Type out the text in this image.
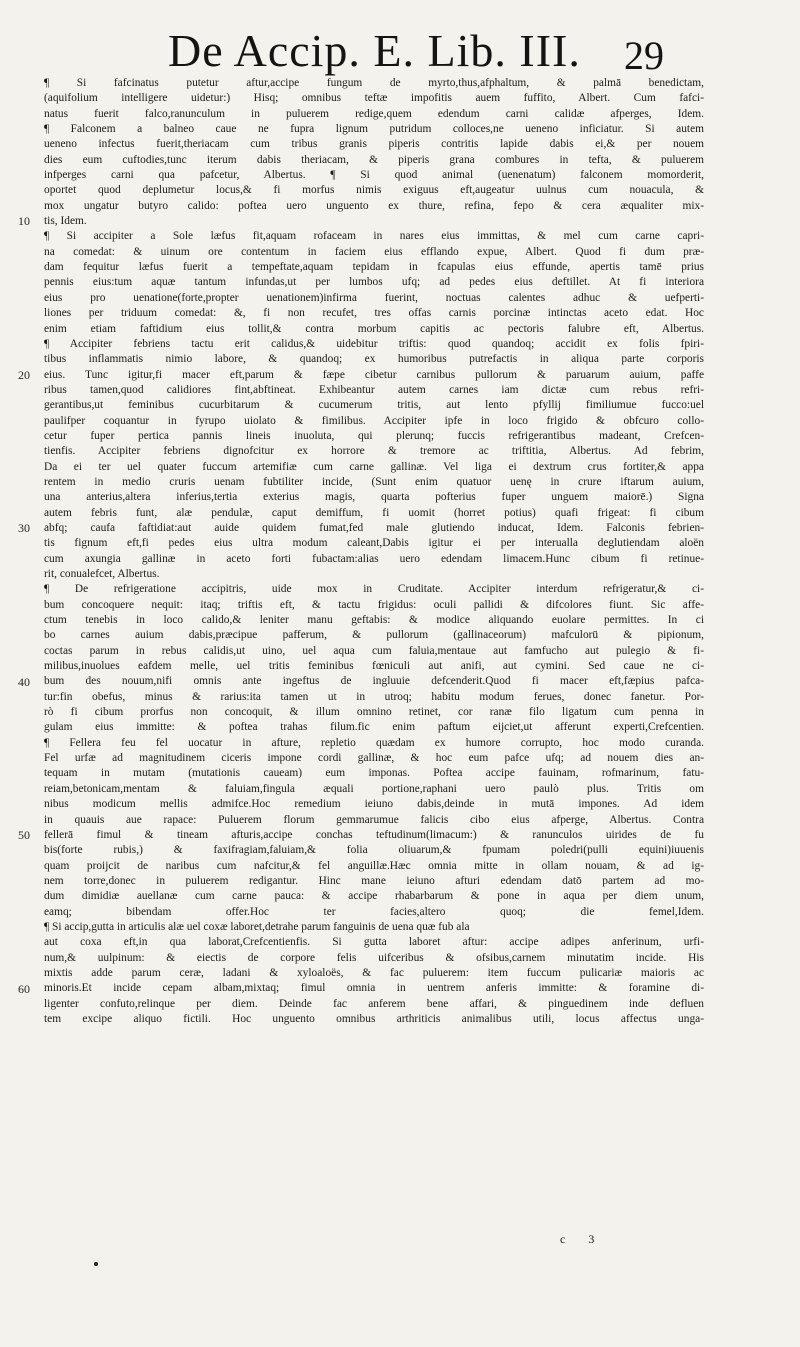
De Accip. E. Lib. III. 29
¶ Si fafcinatus putetur aftur,accipe fungum de myrto,thus,afphaltum, & palmā benedictam,
(aquifolium intelligere uidetur:) Hisq; omnibus teftæ impofitis auem fuffito, Albert. Cum fafci-
natus fuerit falco,ranunculum in puluerem redige,quem edendum carni calidæ afperges, Idem.
¶ Falconem a balneo caue ne fupra lignum putridum colloces,ne ueneno inficiatur. Si autem
ueneno infectus fuerit,theriacam cum tribus granis piperis contritis lapide dabis ei,& per nouem
dies eum cuftodies,tunc iterum dabis theriacam, & piperis grana combures in tefta, & puluerem
infperges carni qua pafcetur, Albertus. ¶ Si quod animal (uenenatum) falconem momorderit,
oportet quod deplumetur locus,& fi morfus nimis exiguus eft,augeatur uulnus cum nouacula, &
mox ungatur butyro calido: poftea uero unguento ex thure, refina, fepo & cera æqualiter mix-
tis, Idem.
¶ Si accipiter a Sole læfus fit,aquam rofaceam in nares eius immittas, & mel cum carne capri-
na comedat: & uinum ore contentum in faciem eius efflando expue, Albert. Quod fi dum præ-
dam fequitur læfus fuerit a tempeftate,aquam tepidam in fcapulas eius effunde, apertis tamē prius
pennis eius:tum aquæ tantum infundas,ut per lumbos ufq; ad pedes eius deftillet. At fi interiora
eius pro uenatione(forte,propter uenationem)infirma fuerint, noctuas calentes adhuc & uefperti-
liones per triduum comedat: &, fi non recufet, tres offas carnis porcinæ intinctas aceto edat. Hoc
enim etiam faftidium eius tollit,& contra morbum capitis ac pectoris falubre eft, Albertus.
¶ Accipiter febriens tactu erit calidus,& uidebitur triftis: quod quandoq; accidit ex folis fpiri-
tibus inflammatis nimio labore, & quandoq; ex humoribus putrefactis in aliqua parte corporis
eius. Tunc igitur,fi macer eft,parum & fæpe cibetur carnibus pullorum & paruarum auium, paffe
ribus tamen,quod calidiores fint,abftineat. Exhibeantur autem carnes iam dictæ cum rebus refri-
gerantibus,ut feminibus cucurbitarum & cucumerum tritis, aut lento pfyllij fimiliumue fucco:uel
paulifper coquantur in fyrupo uiolato & fimilibus. Accipiter ipfe in loco frigido & obfcuro collo-
cetur fuper pertica pannis lineis inuoluta, qui plerunq; fuccis refrigerantibus madeant, Crefcen-
tienfis. Accipiter febriens dignofcitur ex horrore & tremore ac triftitia, Albertus. Ad febrim,
Da ei ter uel quater fuccum artemifiæ cum carne gallinæ. Vel liga ei dextrum crus fortiter,& appa
rentem in medio cruris uenam fubtiliter incide, (Sunt enim quatuor uenę in crure iftarum auium,
una anterius,altera inferius,tertia exterius magis, quarta pofterius fuper unguem maiorē.) Signa
autem febris funt, alæ pendulæ, caput demiffum, fi uomit (horret potius) quafi frigeat: fi cibum
abfq; caufa faftidiat:aut auide quidem fumat,fed male glutiendo inducat, Idem. Falconis febrien-
tis fignum eft,fi pedes eius ultra modum caleant,Dabis igitur ei per interualla deglutiendam aloën
cum axungia gallinæ in aceto forti fubactam:alias uero edendam limacem.Hunc cibum fi retinue-
rit, conualefcet, Albertus.
¶ De refrigeratione accipitris, uide mox in Cruditate. Accipiter interdum refrigeratur,& ci-
bum concoquere nequit: itaq; triftis eft, & tactu frigidus: oculi pallidi & difcolores fiunt. Sic affe-
ctum tenebis in loco calido,& leniter manu geftabis: & modice aliquando euolare permittes. In ci
bo carnes auium dabis,præcipue pafferum, & pullorum (gallinaceorum) mafculorū & pipionum,
coctas parum in rebus calidis,ut uino, uel aqua cum faluia,mentaue aut famfucho aut pulegio & fi-
milibus,inuolues eafdem melle, uel tritis feminibus fœniculi aut anifi, aut cymini. Sed caue ne ci-
bum des nouum,nifi omnis ante ingeftus de ingluuie defcenderit.Quod fi macer eft,fæpius pafca-
tur:fin obefus, minus & rarius:ita tamen ut in utroq; habitu modum ferues, donec fanetur. Por-
rò fi cibum prorfus non concoquit, & illum omnino retinet, cor ranæ filo ligatum cum penna in
gulam eius immitte: & poftea trahas filum.fic enim paftum eijciet,ut afferunt experti,Crefcentien.
¶ Fellera feu fel uocatur in afture, repletio quædam ex humore corrupto, hoc modo curanda.
Fel urfæ ad magnitudinem ciceris impone cordi gallinæ, & hoc eum pafce ufq; ad nouem dies an-
tequam in mutam (mutationis caueam) eum imponas. Poftea accipe fauinam, rofmarinum, fatu-
reiam,betonicam,mentam & faluiam,fingula æquali portione,raphani uero paulò plus. Tritis om
nibus modicum mellis admifce.Hoc remedium ieiuno dabis,deinde in mutā impones. Ad idem
in quauis aue rapace: Puluerem florum gemmarumue falicis cibo eius afperge, Albertus. Contra
fellerā fimul & tineam afturis,accipe conchas teftudinum(limacum:) & ranunculos uirides de fu
bis(forte rubis,) & faxifragiam,faluiam,& folia oliuarum,& fpumam poledri(pulli equini)iuuenis
quam proijcit de naribus cum nafcitur,& fel anguillæ.Hæc omnia mitte in ollam nouam, & ad ig-
nem torre,donec in puluerem redigantur. Hinc mane ieiuno afturi edendam datō partem ad mo-
dum dimidiæ auellanæ cum carne pauca: & accipe rhabarbarum & pone in aqua per diem unum,
eamq; bibendam offer.Hoc ter facies,altero quoq; die femel,Idem.
¶ Si accip,gutta in articulis alæ uel coxæ laboret,detrahe parum fanguinis de uena quæ fub ala
aut coxa eft,in qua laborat,Crefcentienfis. Si gutta laboret aftur: accipe adipes anferinum, urfi-
num,& uulpinum: & eiectis de corpore felis uifceribus & ofsibus,carnem minutatim incide. His
mixtis adde parum ceræ, ladani & xyloaloës, & fac puluerem: item fuccum pulicariæ maioris ac
minoris.Et incide cepam albam,mixtaq; fimul omnia in uentrem anferis immitte: & foramine di-
ligenter confuto,relinque per diem. Deinde fac anferem bene affari, & pinguedinem inde defluen
tem excipe aliquo fictili. Hoc unguento omnibus arthriticis animalibus utili, locus affectus unga-
10
20
30
40
50
60
c 3
